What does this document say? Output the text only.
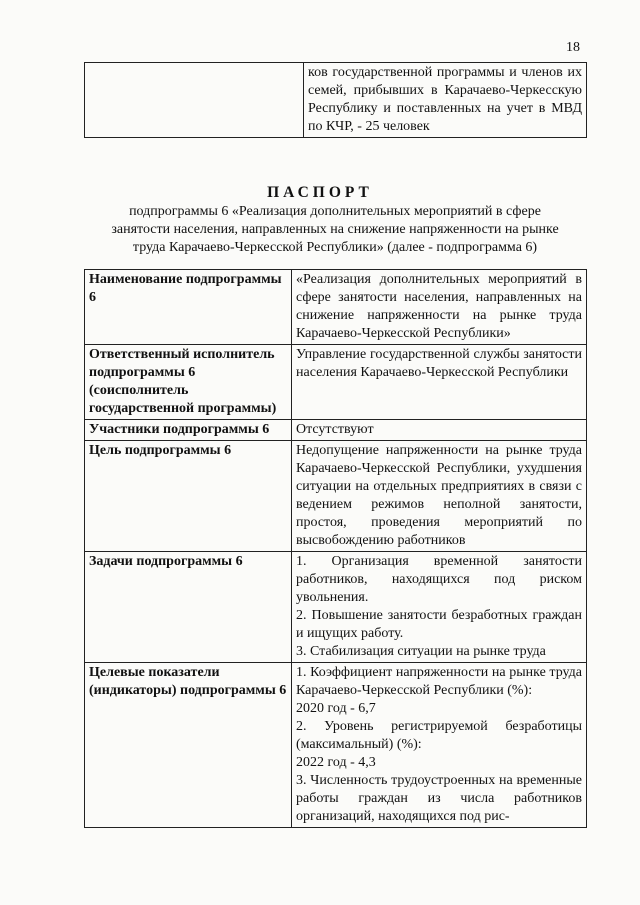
18
	ков государственной программы и членов их семей, прибывших в Карачаево-Черкесскую Республику и поставленных на учет в МВД по КЧР, - 25 человек
ПАСПОРТ
подпрограммы 6 «Реализация дополнительных мероприятий в сфере занятости населения, направленных на снижение напряженности на рынке труда Карачаево-Черкесской Республики» (далее - подпрограмма 6)
Наименование подпрограммы 6	«Реализация дополнительных мероприятий в сфере занятости населения, направленных на снижение напряженности на рынке труда Карачаево-Черкесской Республики»

Ответственный исполнитель подпрограммы 6 (соисполнитель государственной программы)	Управление государственной службы занятости населения Карачаево-Черкесской Республики

Участники подпрограммы 6	Отсутствуют

Цель подпрограммы 6	Недопущение напряженности на рынке труда Карачаево-Черкесской Республики, ухудшения ситуации на отдельных предприятиях в связи с ведением режимов неполной занятости, простоя, проведения мероприятий по высвобождению работников

Задачи подпрограммы 6	1. Организация временной занятости работников, находящихся под риском увольнения.
2. Повышение занятости безработных граждан и ищущих работу.
3. Стабилизация ситуации на рынке труда

Целевые показатели (индикаторы) подпрограммы 6	1. Коэффициент напряженности на рынке труда Карачаево-Черкесской Республики (%):
2020 год - 6,7
2. Уровень регистрируемой безработицы (максимальный) (%):
2022 год - 4,3
3. Численность трудоустроенных на временные работы граждан из числа работников организаций, находящихся под рис-
